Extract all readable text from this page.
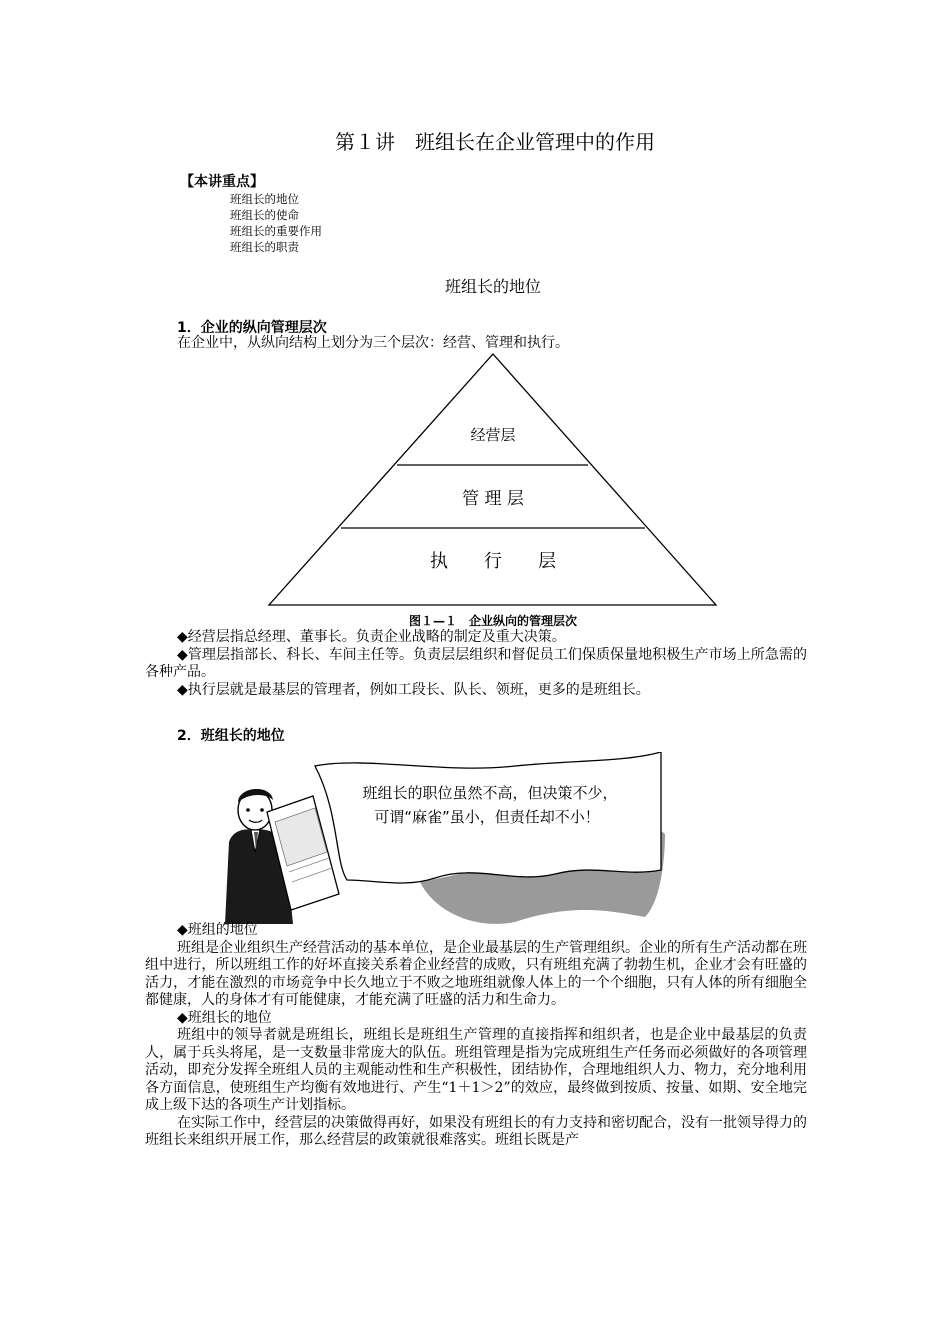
第１讲　班组长在企业管理中的作用
【本讲重点】
班组长的地位
班组长的使命
班组长的重要作用
班组长的职责
班组长的地位
1．企业的纵向管理层次
在企业中，从纵向结构上划分为三个层次：经营、管理和执行。
经营层
管 理 层
执　　行　　层
图１—１　企业纵向的管理层次

◆经营层指总经理、董事长。负责企业战略的制定及重大决策。

◆管理层指部长、科长、车间主任等。负责层层组织和督促员工们保质保量地积极生产市场上所急需的各种产品。

◆执行层就是最基层的管理者，例如工段长、队长、领班，更多的是班组长。

2．班组长的地位
班组长的职位虽然不高，但决策不少，
可谓“麻雀”虽小，但责任却不小！

◆班组的地位

班组是企业组织生产经营活动的基本单位，是企业最基层的生产管理组织。企业的所有生产活动都在班组中进行，所以班组工作的好坏直接关系着企业经营的成败，只有班组充满了勃勃生机，企业才会有旺盛的活力，才能在激烈的市场竞争中长久地立于不败之地班组就像人体上的一个个细胞，只有人体的所有细胞全都健康，人的身体才有可能健康，才能充满了旺盛的活力和生命力。

◆班组长的地位

班组中的领导者就是班组长，班组长是班组生产管理的直接指挥和组织者，也是企业中最基层的负责人，属于兵头将尾，是一支数量非常庞大的队伍。班组管理是指为完成班组生产任务而必须做好的各项管理活动，即充分发挥全班组人员的主观能动性和生产积极性，团结协作，合理地组织人力、物力，充分地利用各方面信息，使班组生产均衡有效地进行、产生“1＋1＞2”的效应，最终做到按质、按量、如期、安全地完成上级下达的各项生产计划指标。

在实际工作中，经营层的决策做得再好，如果没有班组长的有力支持和密切配合，没有一批领导得力的班组长来组织开展工作，那么经营层的政策就很难落实。班组长既是产
